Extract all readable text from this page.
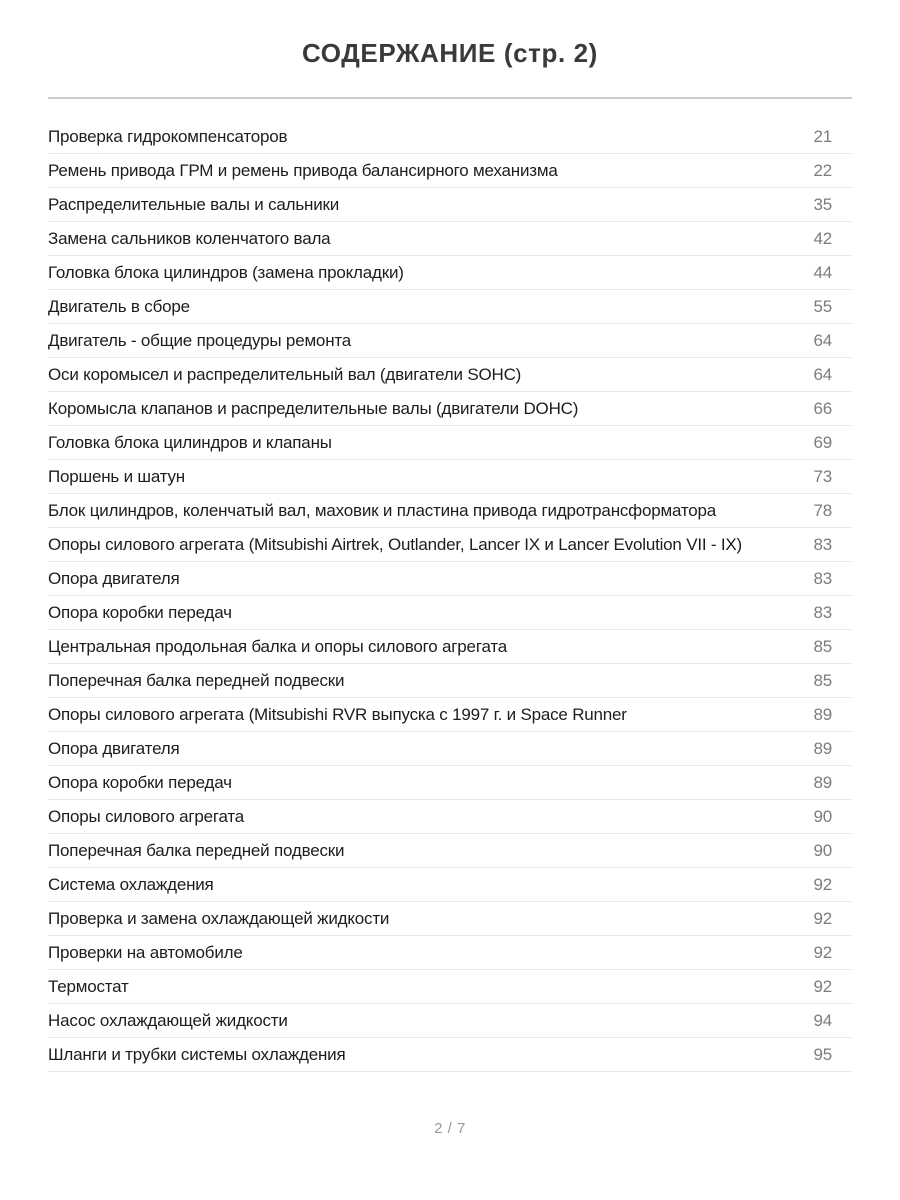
СОДЕРЖАНИЕ (стр. 2)
Проверка гидрокомпенсаторов	21
Ремень привода ГРМ и ремень привода балансирного механизма	22
Распределительные валы и сальники	35
Замена сальников коленчатого вала	42
Головка блока цилиндров (замена прокладки)	44
Двигатель в сборе	55
Двигатель - общие процедуры ремонта	64
Оси коромысел и распределительный вал (двигатели SOHC)	64
Коромысла клапанов и распределительные валы (двигатели DOHC)	66
Головка блока цилиндров и клапаны	69
Поршень и шатун	73
Блок цилиндров, коленчатый вал, маховик и пластина привода гидротрансформатора	78
Опоры силового агрегата (Mitsubishi Airtrek, Outlander, Lancer IX и Lancer Evolution VII - IX)	83
Опора двигателя	83
Опора коробки передач	83
Центральная продольная балка и опоры силового агрегата	85
Поперечная балка передней подвески	85
Опоры силового агрегата (Mitsubishi RVR выпуска с 1997 г. и Space Runner	89
Опора двигателя	89
Опора коробки передач	89
Опоры силового агрегата	90
Поперечная балка передней подвески	90
Система охлаждения	92
Проверка и замена охлаждающей жидкости	92
Проверки на автомобиле	92
Термостат	92
Насос охлаждающей жидкости	94
Шланги и трубки системы охлаждения	95
2 / 7
